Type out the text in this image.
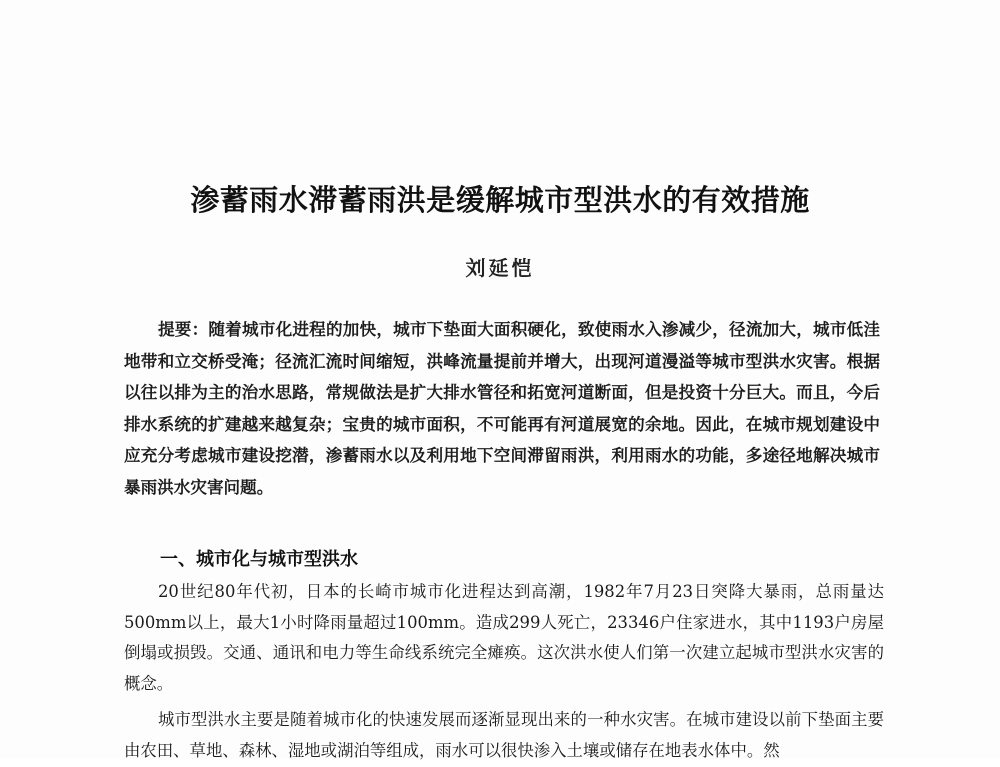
渗蓄雨水滞蓄雨洪是缓解城市型洪水的有效措施
刘延恺
提要：随着城市化进程的加快，城市下垫面大面积硬化，致使雨水入渗减少，径流加大，城市低洼地带和立交桥受淹；径流汇流时间缩短，洪峰流量提前并增大，出现河道漫溢等城市型洪水灾害。根据以往以排为主的治水思路，常规做法是扩大排水管径和拓宽河道断面，但是投资十分巨大。而且，今后排水系统的扩建越来越复杂；宝贵的城市面积，不可能再有河道展宽的余地。因此，在城市规划建设中应充分考虑城市建设挖潜，渗蓄雨水以及利用地下空间滞留雨洪，利用雨水的功能，多途径地解决城市暴雨洪水灾害问题。
一、城市化与城市型洪水

20世纪80年代初，日本的长崎市城市化进程达到高潮，1982年7月23日突降大暴雨，总雨量达500mm以上，最大1小时降雨量超过100mm。造成299人死亡，23346户住家进水，其中1193户房屋倒塌或损毁。交通、通讯和电力等生命线系统完全瘫痪。这次洪水使人们第一次建立起城市型洪水灾害的概念。

城市型洪水主要是随着城市化的快速发展而逐渐显现出来的一种水灾害。在城市建设以前下垫面主要由农田、草地、森林、湿地或湖泊等组成，雨水可以很快渗入土壤或储存在地表水体中。然
